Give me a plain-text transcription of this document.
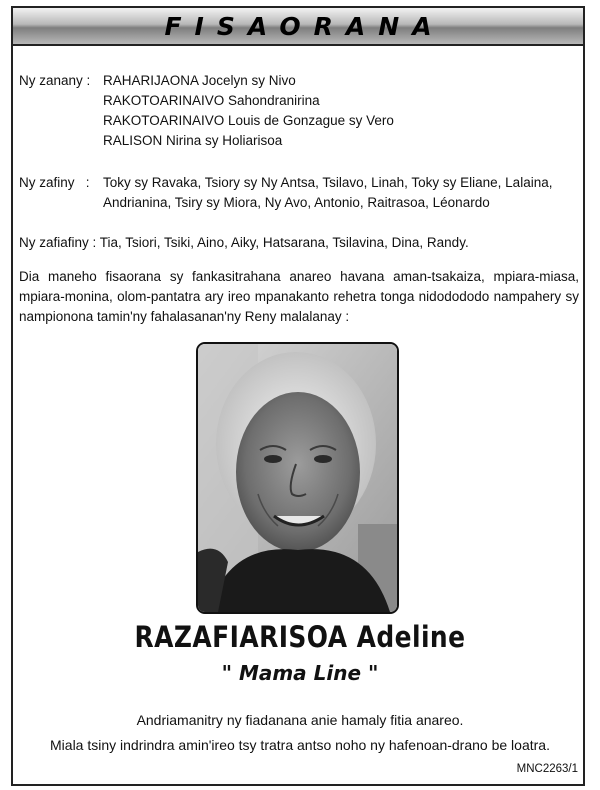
FISAORANA
Ny zanany : RAHARIJAONA Jocelyn sy Nivo
RAKOTOARINAIVO Sahondranirina
RAKOTOARINAIVO Louis de Gonzague sy Vero
RALISON Nirina sy Holiarisoa
Ny zafiny   : Toky sy Ravaka, Tsiory sy Ny Antsa, Tsilavo, Linah, Toky sy Eliane, Lalaina,
Andrianina, Tsiry sy Miora, Ny Avo, Antonio, Raitrasoa, Léonardo
Ny zafiafiny : Tia, Tsiori, Tsiki, Aino, Aiky, Hatsarana, Tsilavina, Dina, Randy.
Dia maneho fisaorana sy fankasitrahana anareo havana aman-tsakaiza, mpiara-miasa, mpiara-monina, olom-pantatra ary ireo mpanakanto rehetra tonga nidodododo nampahery sy nampionona tamin'ny fahalasanan'ny Reny malalanay :
RAZAFIARISOA Adeline
" Mama Line "
Andriamanitry ny fiadanana anie hamaly fitia anareo.
Miala tsiny indrindra amin'ireo tsy tratra antso noho ny hafenoan-drano be loatra.
MNC2263/1
